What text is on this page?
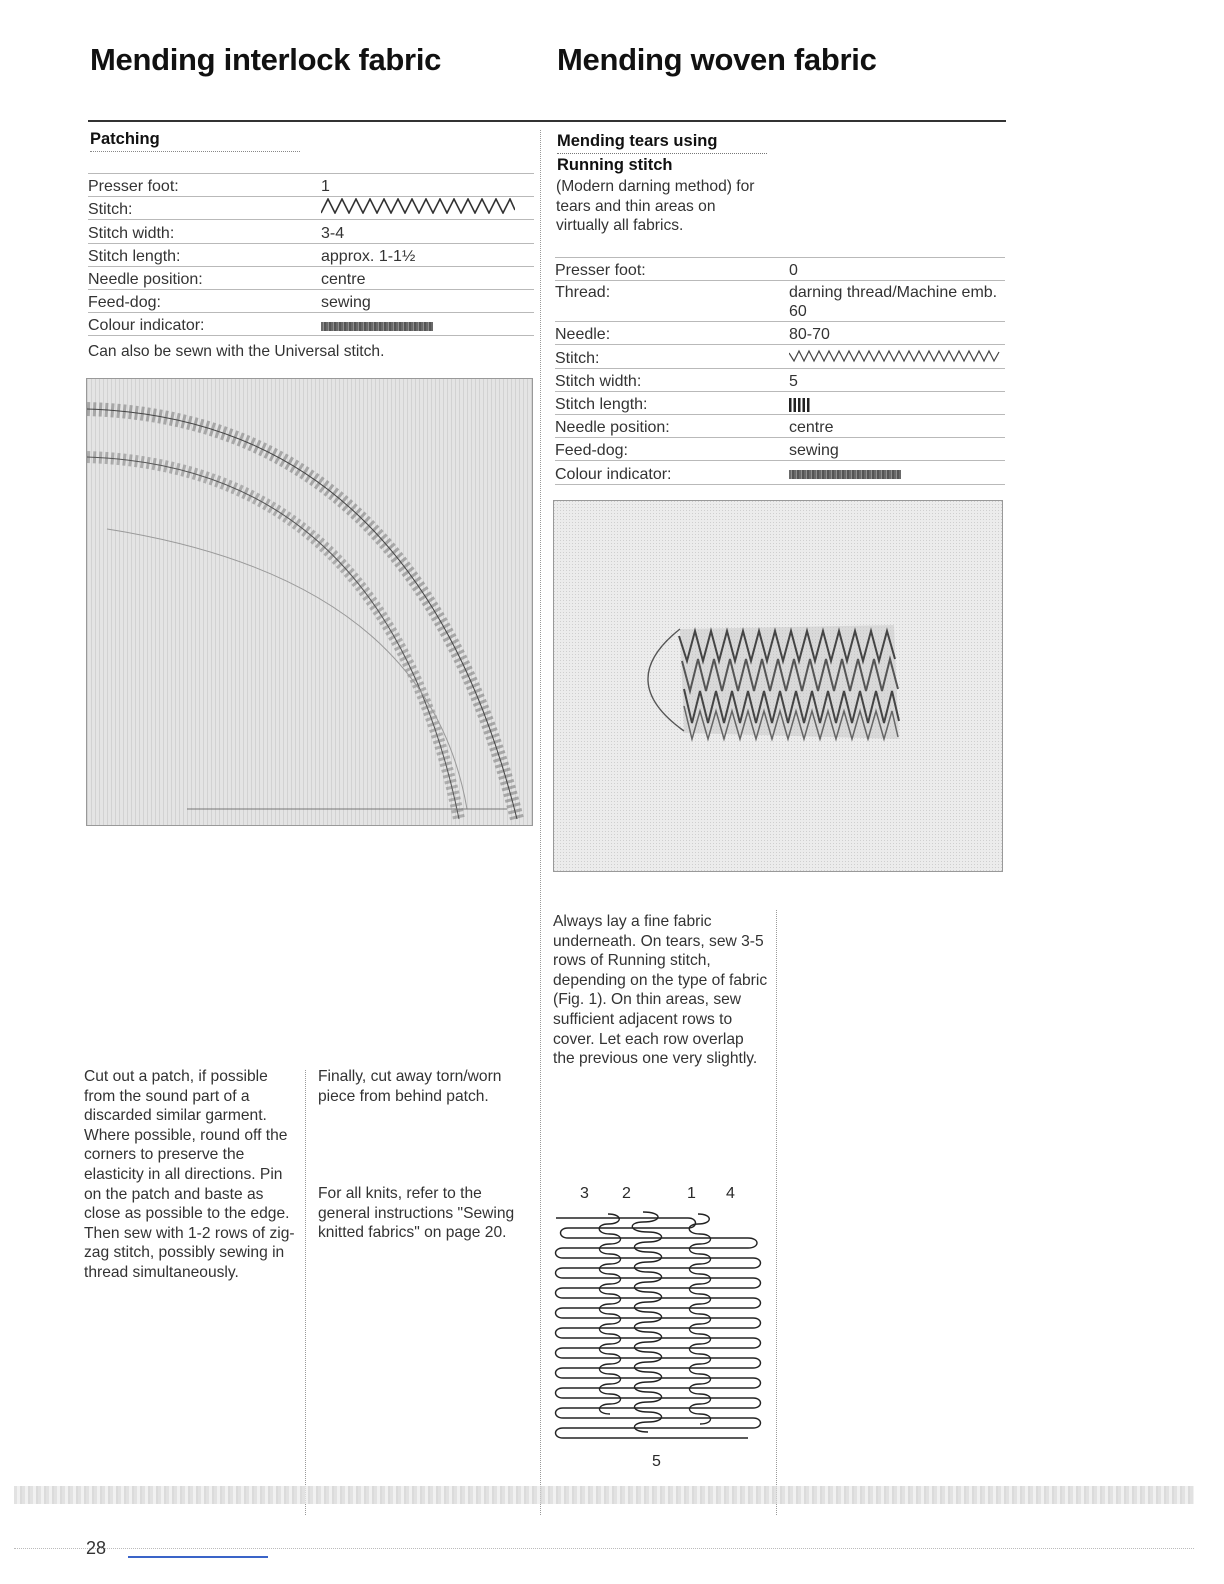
Mending interlock fabric	Mending woven fabric
Patching
Presser foot:	1
Stitch:	
Stitch width:	3-4
Stitch length:	approx. 1-1½
Needle position:	centre
Feed-dog:	sewing
Colour indicator:	

Can also be sewn with the Universal stitch.

Cut out a patch, if possible from the sound part of a discarded similar garment. Where possible, round off the corners to preserve the elasticity in all directions. Pin on the patch and baste as close as possible to the edge. Then sew with 1-2 rows of zig-zag stitch, possibly sewing in thread simultaneously.

Finally, cut away torn/worn piece from behind patch.

For all knits, refer to the general instructions "Sewing knitted fabrics" on page 20.

Mending tears using
Running stitch

(Modern darning method) for tears and thin areas on virtually all fabrics.

Presser foot:	0
Thread:	darning thread/Machine emb. 60
Needle:	80-70
Stitch:	
Stitch width:	5
Stitch length:	
Needle position:	centre
Feed-dog:	sewing
Colour indicator:	

Always lay a fine fabric underneath. On tears, sew 3-5 rows of Running stitch, depending on the type of fabric (Fig. 1). On thin areas, sew sufficient adjacent rows to cover. Let each row overlap the previous one very slightly.

3 2	1 4
5
28
